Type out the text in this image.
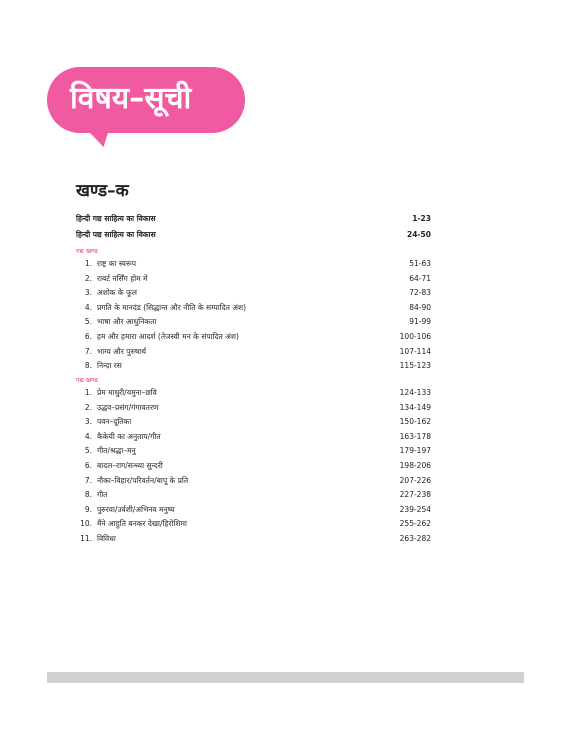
विषय–सूची
खण्ड–क
हिन्दी गद्य साहित्य का विकास	1-23
हिन्दी पद्य साहित्य का विकास	24-50
गद्य खण्ड
1. राष्ट्र का स्वरूप	51-63
2. राबर्ट नर्सिंग होम में	64-71
3. अशोक के फूल	72-83
4. प्रगति के मानदंड (सिद्धान्त और नीति के सम्पादित अंश)	84-90
5. भाषा और आधुनिकता	91-99
6. हम और हमारा आदर्श (तेजस्वी मन के संपादित अंश)	100-106
7. भाग्य और पुरुषार्थ	107-114
8. निन्दा रस	115-123
पद्य खण्ड
1. प्रेम माधुरी/यमुना–छवि	124-133
2. उद्धव–प्रसंग/गंगावतरण	134-149
3. पवन–दूतिका	150-162
4. कैकेयी का अनुताप/गीत	163-178
5. गीत/श्रद्धा–मनु	179-197
6. बादल–राग/सन्ध्या सुन्दरी	198-206
7. नौका–विहार/परिवर्तन/बापू के प्रति	207-226
8. गीत	227-238
9. पुरुरवा/उर्वशी/अभिनव मनुष्य	239-254
10. मैंने आहुति बनकर देखा/हिरोशिमा	255-262
11. विविधा	263-282
